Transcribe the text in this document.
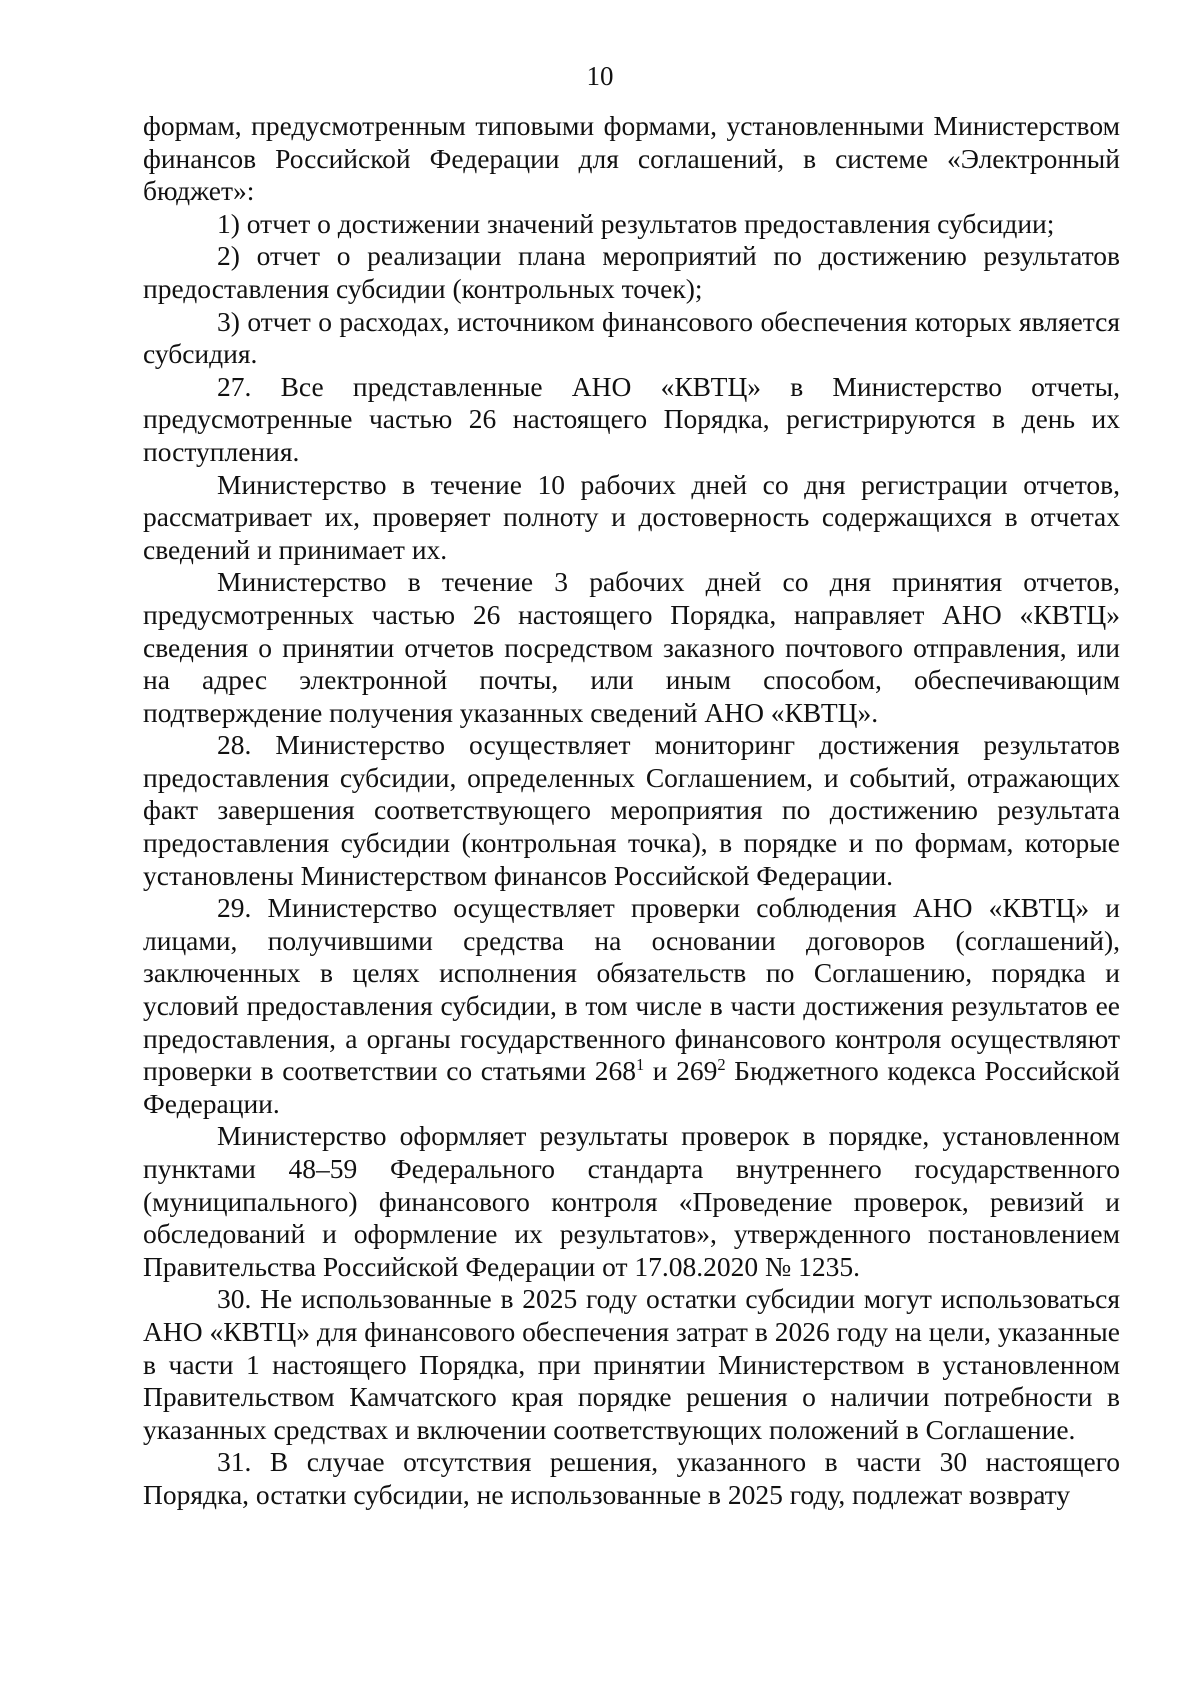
10

формам, предусмотренным типовыми формами, установленными Министерством финансов Российской Федерации для соглашений, в системе «Электронный бюджет»:

1) отчет о достижении значений результатов предоставления субсидии;

2) отчет о реализации плана мероприятий по достижению результатов предоставления субсидии (контрольных точек);

3) отчет о расходах, источником финансового обеспечения которых является субсидия.

27. Все представленные АНО «КВТЦ» в Министерство отчеты, предусмотренные частью 26 настоящего Порядка, регистрируются в день их поступления.

Министерство в течение 10 рабочих дней со дня регистрации отчетов, рассматривает их, проверяет полноту и достоверность содержащихся в отчетах сведений и принимает их.

Министерство в течение 3 рабочих дней со дня принятия отчетов, предусмотренных частью 26 настоящего Порядка, направляет АНО «КВТЦ» сведения о принятии отчетов посредством заказного почтового отправления, или на адрес электронной почты, или иным способом, обеспечивающим подтверждение получения указанных сведений АНО «КВТЦ».

28. Министерство осуществляет мониторинг достижения результатов предоставления субсидии, определенных Соглашением, и событий, отражающих факт завершения соответствующего мероприятия по достижению результата предоставления субсидии (контрольная точка), в порядке и по формам, которые установлены Министерством финансов Российской Федерации.

29. Министерство осуществляет проверки соблюдения АНО «КВТЦ» и лицами, получившими средства на основании договоров (соглашений), заключенных в целях исполнения обязательств по Соглашению, порядка и условий предоставления субсидии, в том числе в части достижения результатов ее предоставления, а органы государственного финансового контроля осуществляют проверки в соответствии со статьями $268^1$ и $269^2$ Бюджетного кодекса Российской Федерации.

Министерство оформляет результаты проверок в порядке, установленном пунктами 48–59 Федерального стандарта внутреннего государственного (муниципального) финансового контроля «Проведение проверок, ревизий и обследований и оформление их результатов», утвержденного постановлением Правительства Российской Федерации от 17.08.2020 № 1235.

30. Не использованные в 2025 году остатки субсидии могут использоваться АНО «КВТЦ» для финансового обеспечения затрат в 2026 году на цели, указанные в части 1 настоящего Порядка, при принятии Министерством в установленном Правительством Камчатского края порядке решения о наличии потребности в указанных средствах и включении соответствующих положений в Соглашение.

31. В случае отсутствия решения, указанного в части 30 настоящего Порядка, остатки субсидии, не использованные в 2025 году, подлежат возврату
